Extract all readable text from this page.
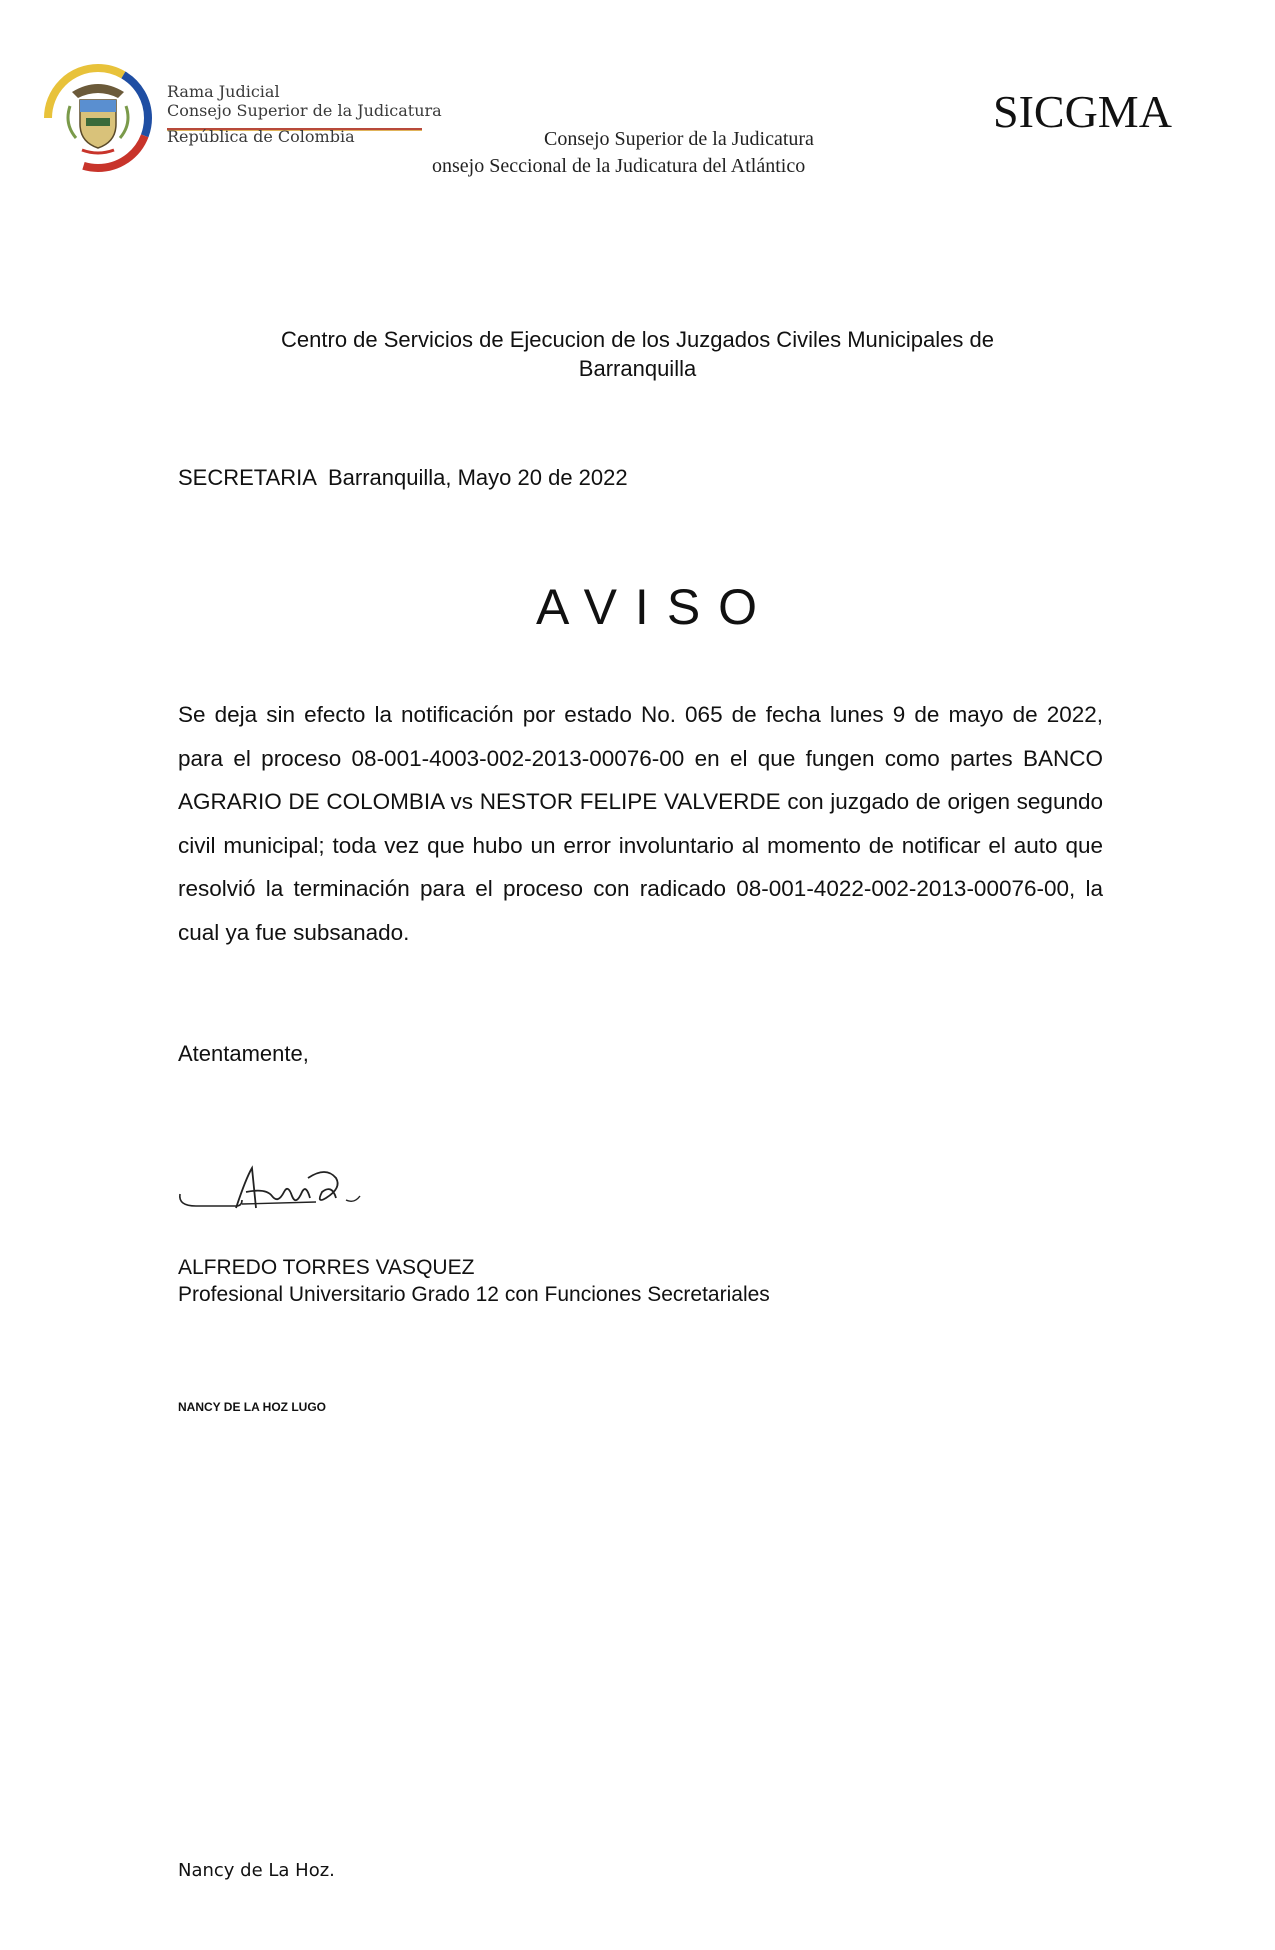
Rama Judicial
Consejo Superior de la Judicatura
República de Colombia	SICGMA
Consejo Superior de la Judicatura
onsejo Seccional de la Judicatura del Atlántico
Centro de Servicios de Ejecucion de los Juzgados Civiles Municipales de
Barranquilla
SECRETARIA  Barranquilla, Mayo 20 de 2022
AVISO
Se deja sin efecto la notificación por estado No. 065 de fecha lunes 9 de mayo de 2022, para el proceso 08-001-4003-002-2013-00076-00 en el que fungen como partes BANCO AGRARIO DE COLOMBIA vs NESTOR FELIPE VALVERDE con juzgado de origen segundo civil municipal; toda vez que hubo un error involuntario al momento de notificar el auto que resolvió la terminación para el proceso con radicado 08-001-4022-002-2013-00076-00, la cual ya fue subsanado.
Atentamente,
ALFREDO TORRES VASQUEZ
Profesional Universitario Grado 12 con Funciones Secretariales
NANCY DE LA HOZ LUGO
Nancy de La Hoz.
